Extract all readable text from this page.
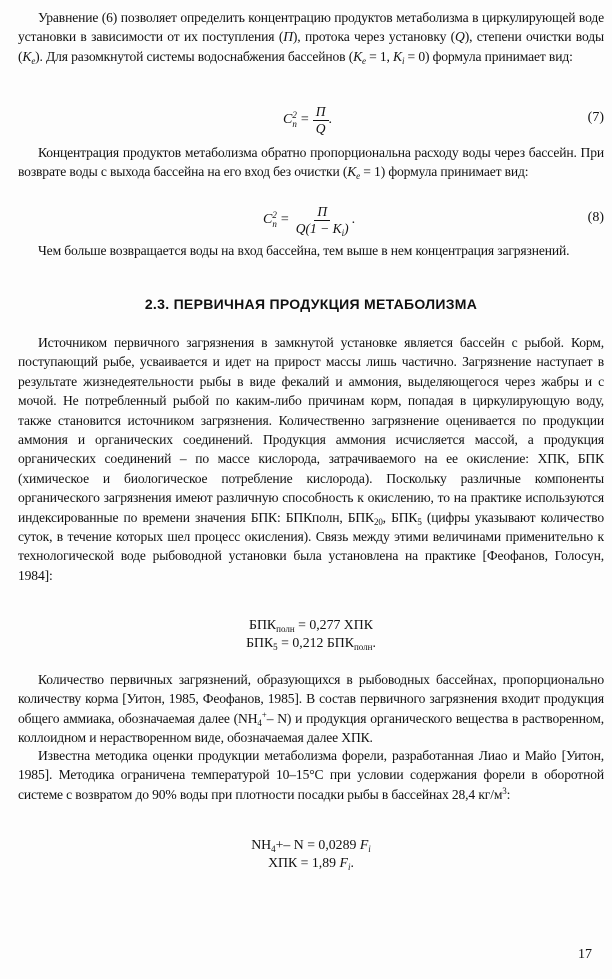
Уравнение (6) позволяет определить концентрацию продуктов метаболизма в циркулирующей воде установки в зависимости от их поступления (П), протока через установку (Q), степени очистки воды $(K_e)$. Для разомкнутой системы водоснабжения бассейнов ($K_e = 1$, $K_i = 0$) формула принимает вид:

C 2
$п = \frac{П}{Q}$ .	(7)

Концентрация продуктов метаболизма обратно пропорциональна расходу воды через бассейн. При возврате воды с выхода бассейна на его вход без очистки $(K_e = 1)$ формула принимает вид:

C 2
$п = \frac{П}{Q(1 - K_i)}$ .	(8)

Чем больше возвращается воды на вход бассейна, тем выше в нем концентрация загрязнений.

2.3. ПЕРВИЧНАЯ ПРОДУКЦИЯ МЕТАБОЛИЗМА

Источником первичного загрязнения в замкнутой установке является бассейн с рыбой. Корм, поступающий рыбе, усваивается и идет на прирост массы лишь частично. Загрязнение наступает в результате жизнедеятельности рыбы в виде фекалий и аммония, выделяющегося через жабры и с мочой. Не потребленный рыбой по каким-либо причинам корм, попадая в циркулирующую воду, также становится источником загрязнения. Количественно загрязнение оценивается по продукции аммония и органических соединений. Продукция аммония исчисляется массой, а продукция органических соединений – по массе кислорода, затрачиваемого на ее окисление: ХПК, БПК (химическое и биологическое потребление кислорода). Поскольку различные компоненты органического загрязнения имеют различную способность к окислению, то на практике используются индексированные по времени значения БПК: БПКполн, $БПК_{20}$, $БПК_5$ (цифры указывают количество суток, в течение которых шел процесс окисления). Связь между этими величинами применительно к технологической воде рыбоводной установки была установлена на практике [Феофанов, Голосун, 1984]:

$БПК_{полн} = 0,277$ ХПК
$БПК_5 = 0,212$ $БПК_{полн}$.

Количество первичных загрязнений, образующихся в рыбоводных бассейнах, пропорционально количеству корма [Уитон, 1985, Феофанов, 1985]. В состав первичного загрязнения входит продукция общего аммиака, обозначаемая далее ($NH_4^+-$ N) и продукция органического вещества в растворенном, коллоидном и нерастворенном виде, обозначаемая далее ХПК.

Известна методика оценки продукции метаболизма форели, разработанная Лиао и Майо [Уитон, 1985]. Методика ограничена температурой 10–15°С при условии содержания форели в оборотной системе с возвратом до 90% воды при плотности посадки рыбы в бассейнах 28,4 $кг/м^3$:

$NH_4+-$ N = 0,0289 $F_i$
ХПК = 1,89 $F_i$.
17
